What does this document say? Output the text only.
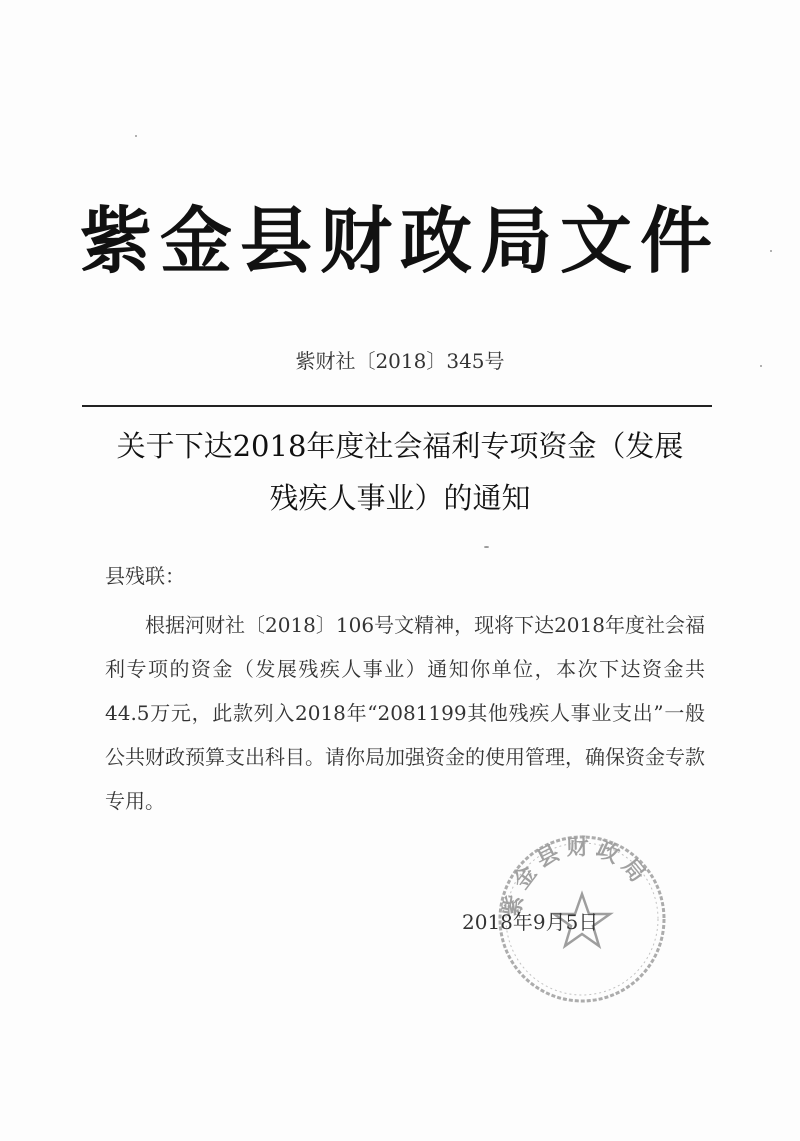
紫金县财政局文件
紫财社〔2018〕345号
关于下达2018年度社会福利专项资金（发展
残疾人事业）的通知
县残联：
根据河财社〔2018〕106号文精神，现将下达2018年度社会福利专项的资金（发展残疾人事业）通知你单位，本次下达资金共44.5万元，此款列入2018年“2081199其他残疾人事业支出”一般公共财政预算支出科目。请你局加强资金的使用管理，确保资金专款专用。
紫金县财政局
2018年9月5日
